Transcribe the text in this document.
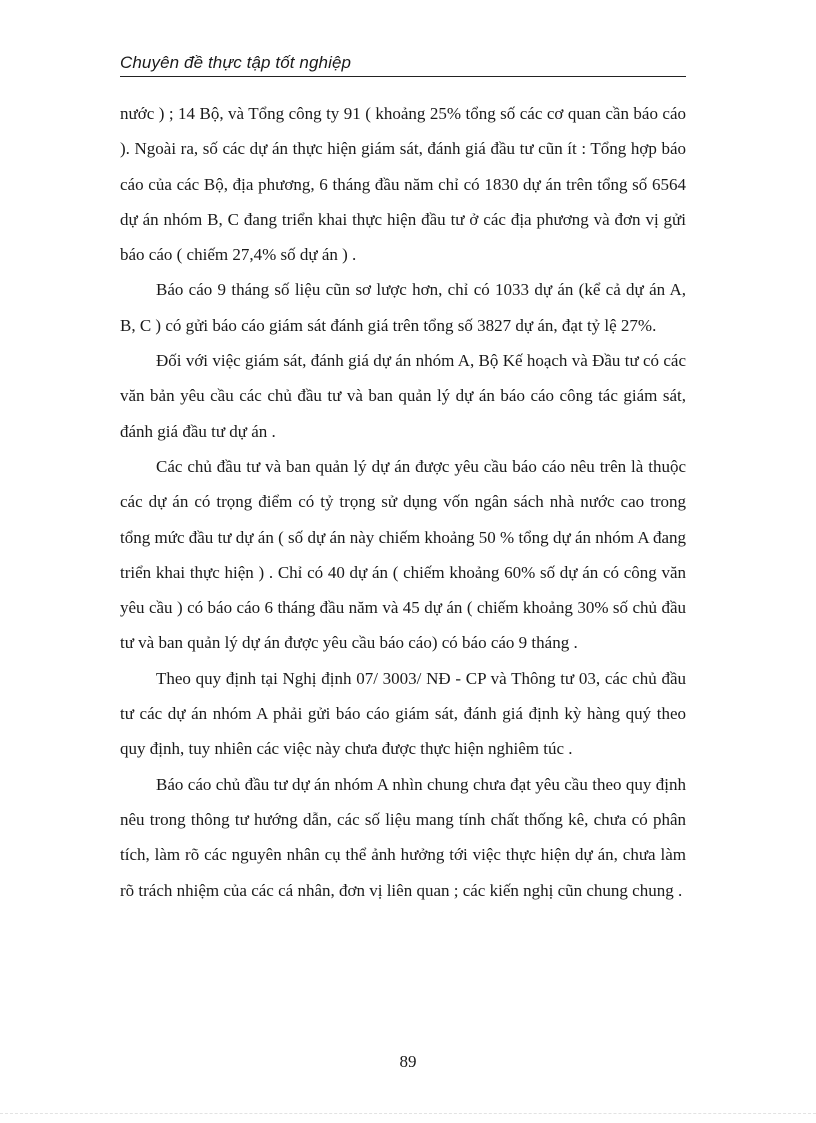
Chuyên đề thực tập tốt nghiệp

nước ) ; 14 Bộ, và Tổng công ty 91 ( khoảng 25% tổng số các cơ quan cần báo cáo ). Ngoài ra, số các dự án thực hiện giám sát, đánh giá đầu tư cũn ít : Tổng hợp báo cáo của các Bộ, địa phương, 6 tháng đầu năm chỉ có 1830 dự án trên tổng số 6564 dự án nhóm B, C đang triển khai thực hiện đầu tư ở các địa phương và đơn vị gửi báo cáo ( chiếm 27,4% số dự án ) .

Báo cáo 9 tháng số liệu cũn sơ lược hơn, chỉ có 1033 dự án (kể cả dự án A, B, C ) có gửi báo cáo giám sát đánh giá trên tổng số 3827 dự án, đạt tỷ lệ 27%.

Đối với việc giám sát, đánh giá dự án nhóm A, Bộ Kế hoạch và Đầu tư có các văn bản yêu cầu các chủ đầu tư và ban quản lý dự án báo cáo công tác giám sát, đánh giá đầu tư dự án .

Các chủ đầu tư và ban quản lý dự án được yêu cầu báo cáo nêu trên là thuộc các dự án có trọng điểm có tỷ trọng sử dụng vốn ngân sách nhà nước cao trong tổng mức đầu tư dự án ( số dự án này chiếm khoảng 50 % tổng dự án nhóm A đang triển khai thực hiện ) . Chỉ có 40 dự án ( chiếm khoảng 60% số dự án có công văn yêu cầu ) có báo cáo 6 tháng đầu năm và 45 dự án ( chiếm khoảng 30% số chủ đầu tư và ban quản lý dự án được yêu cầu báo cáo) có báo cáo 9 tháng .

Theo quy định tại Nghị định 07/ 3003/ NĐ - CP và Thông tư 03, các chủ đầu tư các dự án nhóm A phải gửi báo cáo giám sát, đánh giá định kỳ hàng quý theo quy định, tuy nhiên các việc này chưa được thực hiện nghiêm túc .

Báo cáo chủ đầu tư dự án nhóm A nhìn chung chưa đạt yêu cầu theo quy định nêu trong thông tư hướng dẫn, các số liệu mang tính chất thống kê, chưa có phân tích, làm rõ các nguyên nhân cụ thể ảnh hưởng tới việc thực hiện dự án, chưa làm rõ trách nhiệm của các cá nhân, đơn vị liên quan ; các kiến nghị cũn chung chung .

89
